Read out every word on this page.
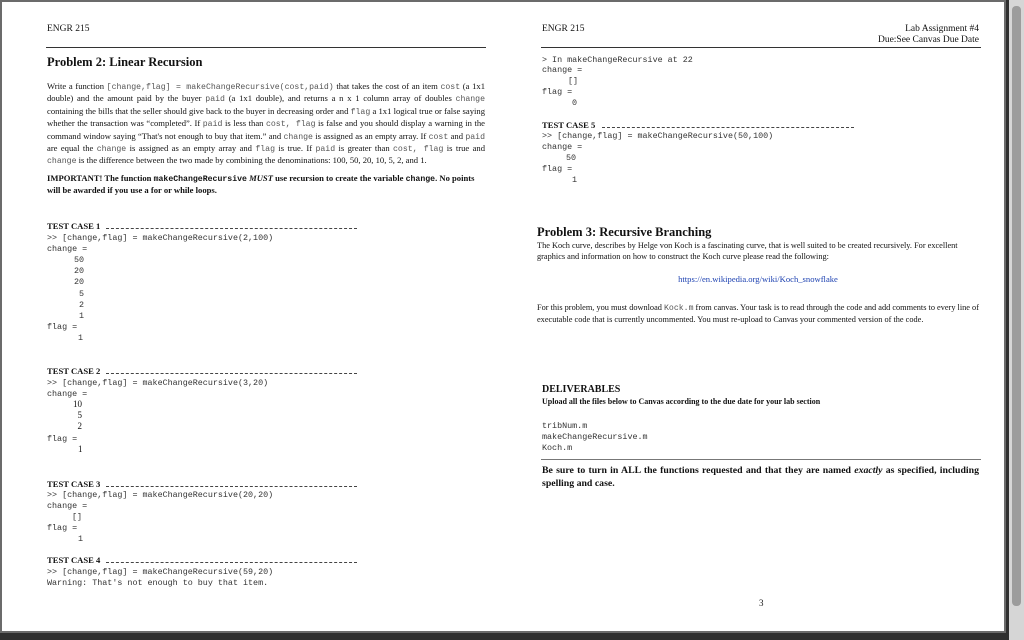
ENGR 215
Problem 2: Linear Recursion
Write a function [change,flag] = makeChangeRecursive(cost,paid) that takes the cost of an item cost (a 1x1 double) and the amount paid by the buyer paid (a 1x1 double), and returns a n x 1 column array of doubles change containing the bills that the seller should give back to the buyer in decreasing order and flag a 1x1 logical true or false saying whether the transaction was “completed”. If paid is less than cost, flag is false and you should display a warning in the command window saying “That's not enough to buy that item.” and change is assigned as an empty array. If cost and paid are equal the change is assigned as an empty array and flag is true. If paid is greater than cost, flag is true and change is the difference between the two made by combining the denominations: 100, 50, 20, 10, 5, 2, and 1.
IMPORTANT! The function makeChangeRecursive MUST use recursion to create the variable change. No points will be awarded if you use a for or while loops.
TEST CASE 1
>> [change,flag] = makeChangeRecursive(2,100)
change =
50
20
20
5
2
1
flag =
1
TEST CASE 2
>> [change,flag] = makeChangeRecursive(3,20)
change =
10
5
2
flag =
1
TEST CASE 3
>> [change,flag] = makeChangeRecursive(20,20)
change =
[]
flag =
1
TEST CASE 4
>> [change,flag] = makeChangeRecursive(59,20)
Warning: That's not enough to buy that item.
ENGR 215	Lab Assignment #4
Due:See Canvas Due Date
> In makeChangeRecursive at 22
change =
[]
flag =
0
TEST CASE 5
>> [change,flag] = makeChangeRecursive(50,100)
change =
50
flag =
1
Problem 3: Recursive Branching
The Koch curve, describes by Helge von Koch is a fascinating curve, that is well suited to be created recursively. For excellent graphics and information on how to construct the Koch curve please read the following:
https://en.wikipedia.org/wiki/Koch_snowflake
For this problem, you must download Kock.m from canvas. Your task is to read through the code and add comments to every line of executable code that is currently uncommented. You must re-upload to Canvas your commented version of the code.
DELIVERABLES
Upload all the files below to Canvas according to the due date for your lab section
tribNum.m
makeChangeRecursive.m
Koch.m
Be sure to turn in ALL the functions requested and that they are named exactly as specified, including spelling and case.
3
